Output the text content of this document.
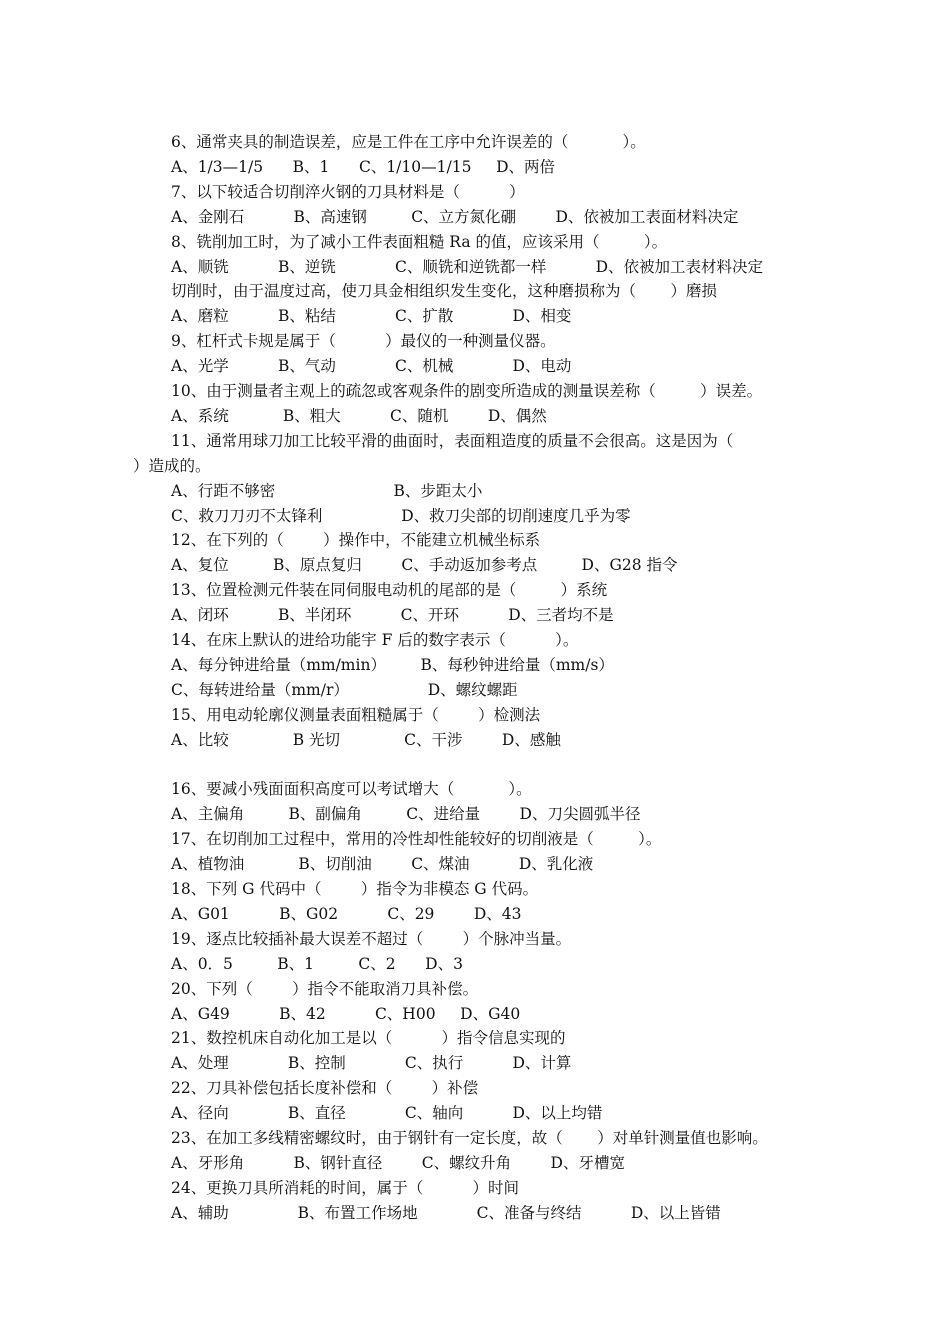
6、通常夹具的制造误差，应是工件在工序中允许误差的（           ）。
A、1/3—1/5      B、1      C、1/10—1/15     D、两倍
7、以下较适合切削淬火钢的刀具材料是（          ）
A、金刚石          B、高速钢         C、立方氮化硼        D、依被加工表面材料决定
8、铣削加工时，为了减小工件表面粗糙 Ra 的值，应该采用（         ）。
A、顺铣          B、逆铣            C、顺铣和逆铣都一样          D、依被加工表材料决定
切削时，由于温度过高，使刀具金相组织发生变化，这种磨损称为（       ）磨损
A、磨粒          B、粘结            C、扩散            D、相变
9、杠杆式卡规是属于（          ）最仪的一种测量仪器。
A、光学          B、气动            C、机械            D、电动
10、由于测量者主观上的疏忽或客观条件的剧变所造成的测量误差称（         ）误差。
A、系统           B、粗大          C、随机        D、偶然
11、通常用球刀加工比较平滑的曲面时，表面粗造度的质量不会很高。这是因为（
）造成的。
A、行距不够密                        B、步距太小
C、救刀刀刃不太锋利                D、救刀尖部的切削速度几乎为零
12、在下列的（        ）操作中，不能建立机械坐标系
A、复位         B、原点复归        C、手动返加参考点         D、G28 指令
13、位置检测元件装在同伺服电动机的尾部的是（         ）系统
A、闭环          B、半闭环          C、开环          D、三者均不是
14、在床上默认的进给功能宇 F 后的数字表示（          ）。
A、每分钟进给量（mm/min）       B、每秒钟进给量（mm/s）
C、每转进给量（mm/r）                D、螺纹螺距
15、用电动轮廓仪测量表面粗糙属于（        ）检测法
A、比较             B 光切             C、干涉        D、感触
16、要减小残面面积高度可以考试增大（           ）。
A、主偏角         B、副偏角         C、进给量        D、刀尖圆弧半径
17、在切削加工过程中，常用的冷性却性能较好的切削液是（         ）。
A、植物油           B、切削油        C、煤油          D、乳化液
18、下列 G 代码中（        ）指令为非模态 G 代码。
A、G01          B、G02          C、29        D、43
19、逐点比较插补最大误差不超过（        ）个脉冲当量。
A、0．5         B、1         C、2      D、3
20、下列（        ）指令不能取消刀具补偿。
A、G49          B、42          C、H00     D、G40
21、数控机床自动化加工是以（          ）指令信息实现的
A、处理            B、控制            C、执行          D、计算
22、刀具补偿包括长度补偿和（        ）补偿
A、径向            B、直径            C、轴向          D、以上均错
23、在加工多线精密螺纹时，由于钢针有一定长度，故（       ）对单针测量值也影响。
A、牙形角          B、钢针直径        C、螺纹升角        D、牙槽宽
24、更换刀具所消耗的时间，属于（          ）时间
A、辅助              B、布置工作场地            C、准备与终结          D、以上皆错
